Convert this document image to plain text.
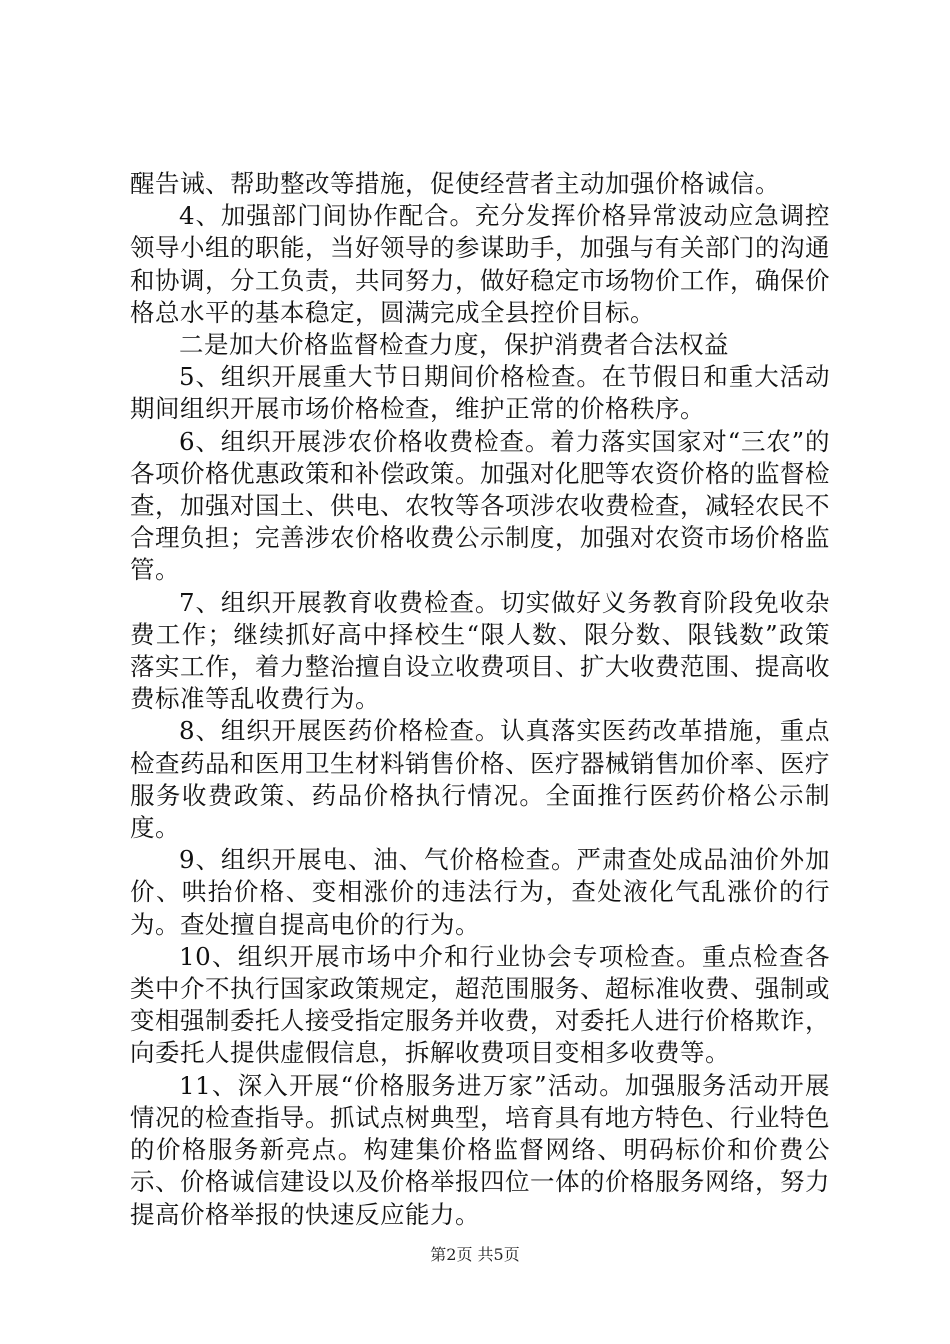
醒告诫、帮助整改等措施，促使经营者主动加强价格诚信。

4、加强部门间协作配合。充分发挥价格异常波动应急调控领导小组的职能，当好领导的参谋助手，加强与有关部门的沟通和协调，分工负责，共同努力，做好稳定市场物价工作，确保价格总水平的基本稳定，圆满完成全县控价目标。

二是加大价格监督检查力度，保护消费者合法权益

5、组织开展重大节日期间价格检查。在节假日和重大活动期间组织开展市场价格检查，维护正常的价格秩序。

6、组织开展涉农价格收费检查。着力落实国家对“三农”的各项价格优惠政策和补偿政策。加强对化肥等农资价格的监督检查，加强对国土、供电、农牧等各项涉农收费检查，减轻农民不合理负担；完善涉农价格收费公示制度，加强对农资市场价格监管。

7、组织开展教育收费检查。切实做好义务教育阶段免收杂费工作；继续抓好高中择校生“限人数、限分数、限钱数”政策落实工作，着力整治擅自设立收费项目、扩大收费范围、提高收费标准等乱收费行为。

8、组织开展医药价格检查。认真落实医药改革措施，重点检查药品和医用卫生材料销售价格、医疗器械销售加价率、医疗服务收费政策、药品价格执行情况。全面推行医药价格公示制度。

9、组织开展电、油、气价格检查。严肃查处成品油价外加价、哄抬价格、变相涨价的违法行为，查处液化气乱涨价的行为。查处擅自提高电价的行为。

10、组织开展市场中介和行业协会专项检查。重点检查各类中介不执行国家政策规定，超范围服务、超标准收费、强制或变相强制委托人接受指定服务并收费，对委托人进行价格欺诈，向委托人提供虚假信息，拆解收费项目变相多收费等。

11、深入开展“价格服务进万家”活动。加强服务活动开展情况的检查指导。抓试点树典型，培育具有地方特色、行业特色的价格服务新亮点。构建集价格监督网络、明码标价和价费公示、价格诚信建设以及价格举报四位一体的价格服务网络，努力提高价格举报的快速反应能力。

第2页 共5页
